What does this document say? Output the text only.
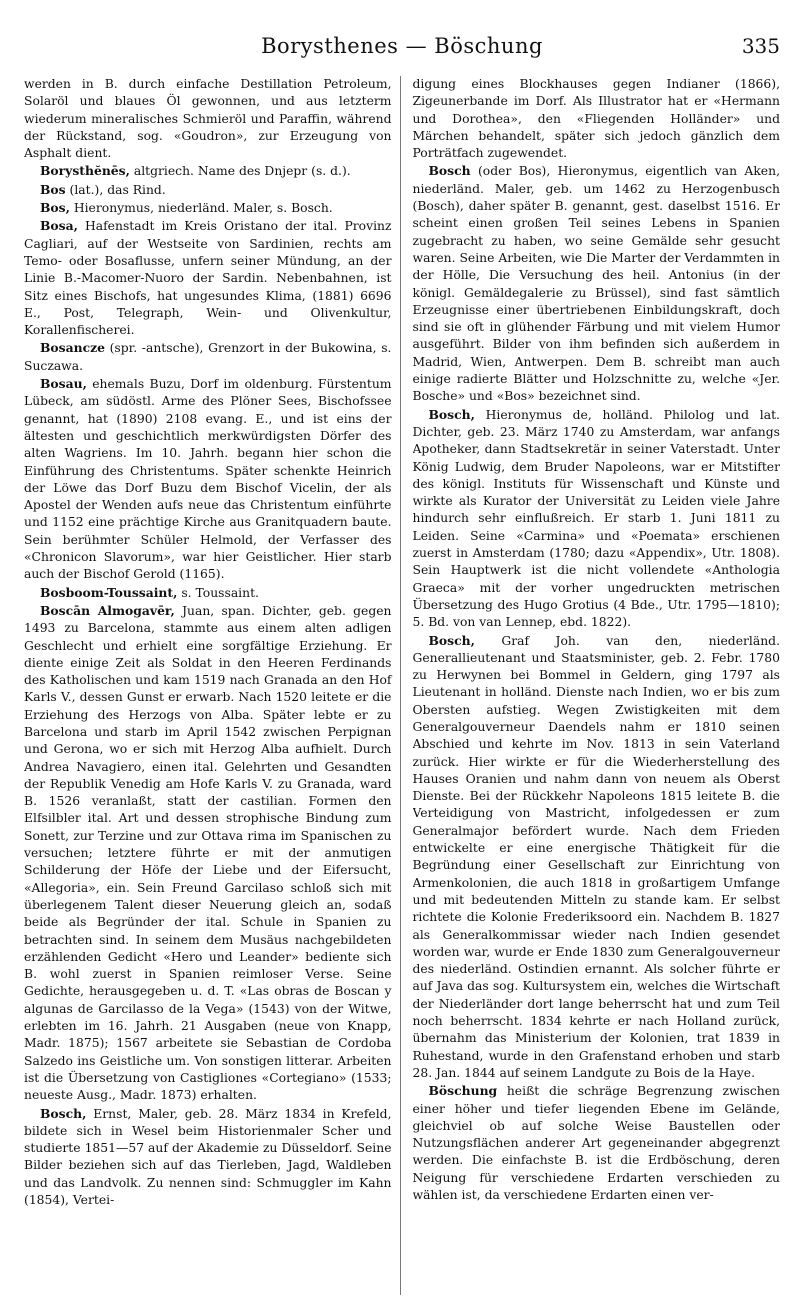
Borysthenes — Böschung	335

werden in B. durch einfache Destillation Petroleum, Solaröl und blaues Öl gewonnen, und aus letzterm wiederum mineralisches Schmieröl und Paraffin, während der Rückstand, sog. «Goudron», zur Erzeugung von Asphalt dient.

Borysthĕnēs, altgriech. Name des Dnjepr (s. d.).

Bos (lat.), das Rind.

Bos, Hieronymus, niederländ. Maler, s. Bosch.

Bosa, Hafenstadt im Kreis Oristano der ital. Provinz Cagliari, auf der Westseite von Sardinien, rechts am Temo- oder Bosaflusse, unfern seiner Mündung, an der Linie B.-Macomer-Nuoro der Sardin. Nebenbahnen, ist Sitz eines Bischofs, hat ungesundes Klima, (1881) 6696 E., Post, Telegraph, Wein- und Olivenkultur, Korallenfischerei.

Bosancze (spr. -antsche), Grenzort in der Bukowina, s. Suczawa.

Bosau, ehemals Buzu, Dorf im oldenburg. Fürstentum Lübeck, am südöstl. Arme des Plöner Sees, Bischofssee genannt, hat (1890) 2108 evang. E., und ist eins der ältesten und geschichtlich merkwürdigsten Dörfer des alten Wagriens. Im 10. Jahrh. begann hier schon die Einführung des Christentums. Später schenkte Heinrich der Löwe das Dorf Buzu dem Bischof Vicelin, der als Apostel der Wenden aufs neue das Christentum einführte und 1152 eine prächtige Kirche aus Granitquadern baute. Sein berühmter Schüler Helmold, der Verfasser des «Chronicon Slavorum», war hier Geistlicher. Hier starb auch der Bischof Gerold (1165).

Bosboom-Toussaint, s. Toussaint.

Boscān Almogavēr, Juan, span. Dichter, geb. gegen 1493 zu Barcelona, stammte aus einem alten adligen Geschlecht und erhielt eine sorgfältige Erziehung. Er diente einige Zeit als Soldat in den Heeren Ferdinands des Katholischen und kam 1519 nach Granada an den Hof Karls V., dessen Gunst er erwarb. Nach 1520 leitete er die Erziehung des Herzogs von Alba. Später lebte er zu Barcelona und starb im April 1542 zwischen Perpignan und Gerona, wo er sich mit Herzog Alba aufhielt. Durch Andrea Navagiero, einen ital. Gelehrten und Gesandten der Republik Venedig am Hofe Karls V. zu Granada, ward B. 1526 veranlaßt, statt der castilian. Formen den Elfsilbler ital. Art und dessen strophische Bindung zum Sonett, zur Terzine und zur Ottava rima im Spanischen zu versuchen; letztere führte er mit der anmutigen Schilderung der Höfe der Liebe und der Eifersucht, «Allegoria», ein. Sein Freund Garcilaso schloß sich mit überlegenem Talent dieser Neuerung gleich an, sodaß beide als Begründer der ital. Schule in Spanien zu betrachten sind. In seinem dem Musäus nachgebildeten erzählenden Gedicht «Hero und Leander» bediente sich B. wohl zuerst in Spanien reimloser Verse. Seine Gedichte, herausgegeben u. d. T. «Las obras de Boscan y algunas de Garcilasso de la Vega» (1543) von der Witwe, erlebten im 16. Jahrh. 21 Ausgaben (neue von Knapp, Madr. 1875); 1567 arbeitete sie Sebastian de Cordoba Salzedo ins Geistliche um. Von sonstigen litterar. Arbeiten ist die Übersetzung von Castigliones «Cortegiano» (1533; neueste Ausg., Madr. 1873) erhalten.

Bosch, Ernst, Maler, geb. 28. März 1834 in Krefeld, bildete sich in Wesel beim Historienmaler Scher und studierte 1851—57 auf der Akademie zu Düsseldorf. Seine Bilder beziehen sich auf das Tierleben, Jagd, Waldleben und das Landvolk. Zu nennen sind: Schmuggler im Kahn (1854), Vertei-

digung eines Blockhauses gegen Indianer (1866), Zigeunerbande im Dorf. Als Illustrator hat er «Hermann und Dorothea», den «Fliegenden Holländer» und Märchen behandelt, später sich jedoch gänzlich dem Porträtfach zugewendet.

Bosch (oder Bos), Hieronymus, eigentlich van Aken, niederländ. Maler, geb. um 1462 zu Herzogenbusch (Bosch), daher später B. genannt, gest. daselbst 1516. Er scheint einen großen Teil seines Lebens in Spanien zugebracht zu haben, wo seine Gemälde sehr gesucht waren. Seine Arbeiten, wie Die Marter der Verdammten in der Hölle, Die Versuchung des heil. Antonius (in der königl. Gemäldegalerie zu Brüssel), sind fast sämtlich Erzeugnisse einer übertriebenen Einbildungskraft, doch sind sie oft in glühender Färbung und mit vielem Humor ausgeführt. Bilder von ihm befinden sich außerdem in Madrid, Wien, Antwerpen. Dem B. schreibt man auch einige radierte Blätter und Holzschnitte zu, welche «Jer. Bosche» und «Bos» bezeichnet sind.

Bosch, Hieronymus de, holländ. Philolog und lat. Dichter, geb. 23. März 1740 zu Amsterdam, war anfangs Apotheker, dann Stadtsekretär in seiner Vaterstadt. Unter König Ludwig, dem Bruder Napoleons, war er Mitstifter des königl. Instituts für Wissenschaft und Künste und wirkte als Kurator der Universität zu Leiden viele Jahre hindurch sehr einflußreich. Er starb 1. Juni 1811 zu Leiden. Seine «Carmina» und «Poemata» erschienen zuerst in Amsterdam (1780; dazu «Appendix», Utr. 1808). Sein Hauptwerk ist die nicht vollendete «Anthologia Graeca» mit der vorher ungedruckten metrischen Übersetzung des Hugo Grotius (4 Bde., Utr. 1795—1810); 5. Bd. von van Lennep, ebd. 1822).

Bosch, Graf Joh. van den, niederländ. Generallieutenant und Staatsminister, geb. 2. Febr. 1780 zu Herwynen bei Bommel in Geldern, ging 1797 als Lieutenant in holländ. Dienste nach Indien, wo er bis zum Obersten aufstieg. Wegen Zwistigkeiten mit dem Generalgouverneur Daendels nahm er 1810 seinen Abschied und kehrte im Nov. 1813 in sein Vaterland zurück. Hier wirkte er für die Wiederherstellung des Hauses Oranien und nahm dann von neuem als Oberst Dienste. Bei der Rückkehr Napoleons 1815 leitete B. die Verteidigung von Mastricht, infolgedessen er zum Generalmajor befördert wurde. Nach dem Frieden entwickelte er eine energische Thätigkeit für die Begründung einer Gesellschaft zur Einrichtung von Armenkolonien, die auch 1818 in großartigem Umfange und mit bedeutenden Mitteln zu stande kam. Er selbst richtete die Kolonie Frederiksoord ein. Nachdem B. 1827 als Generalkommissar wieder nach Indien gesendet worden war, wurde er Ende 1830 zum Generalgouverneur des niederländ. Ostindien ernannt. Als solcher führte er auf Java das sog. Kultursystem ein, welches die Wirtschaft der Niederländer dort lange beherrscht hat und zum Teil noch beherrscht. 1834 kehrte er nach Holland zurück, übernahm das Ministerium der Kolonien, trat 1839 in Ruhestand, wurde in den Grafenstand erhoben und starb 28. Jan. 1844 auf seinem Landgute zu Bois de la Haye.

Böschung heißt die schräge Begrenzung zwischen einer höher und tiefer liegenden Ebene im Gelände, gleichviel ob auf solche Weise Baustellen oder Nutzungsflächen anderer Art gegeneinander abgegrenzt werden. Die einfachste B. ist die Erdböschung, deren Neigung für verschiedene Erdarten verschieden zu wählen ist, da verschiedene Erdarten einen ver-
